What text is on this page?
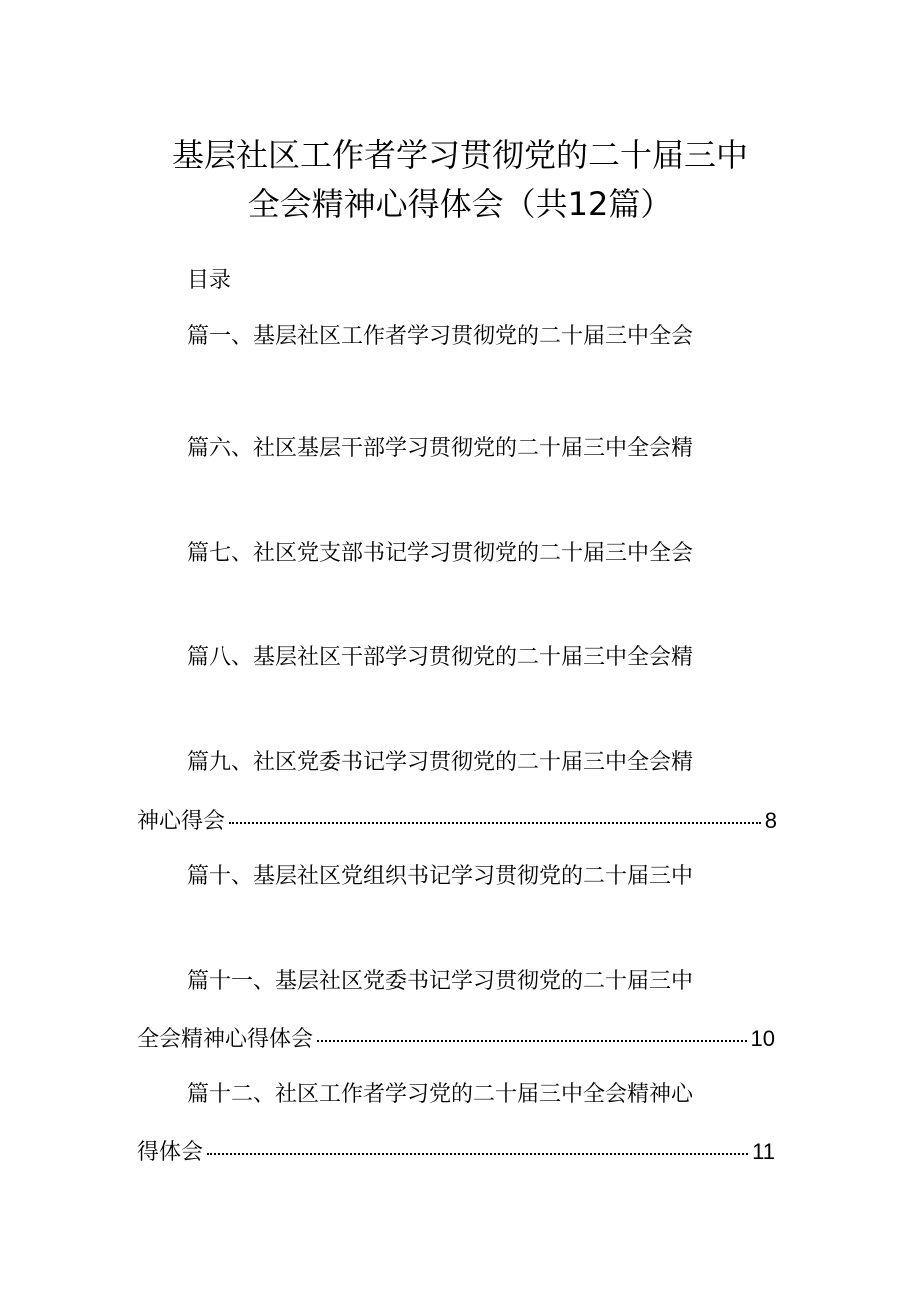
基层社区工作者学习贯彻党的二十届三中
全会精神心得体会（共12篇）
目录
篇一、基层社区工作者学习贯彻党的二十届三中全会
篇六、社区基层干部学习贯彻党的二十届三中全会精
篇七、社区党支部书记学习贯彻党的二十届三中全会
篇八、基层社区干部学习贯彻党的二十届三中全会精
篇九、社区党委书记学习贯彻党的二十届三中全会精
神心得会	8
篇十、基层社区党组织书记学习贯彻党的二十届三中
篇十一、基层社区党委书记学习贯彻党的二十届三中
全会精神心得体会	10
篇十二、社区工作者学习党的二十届三中全会精神心
得体会	11
